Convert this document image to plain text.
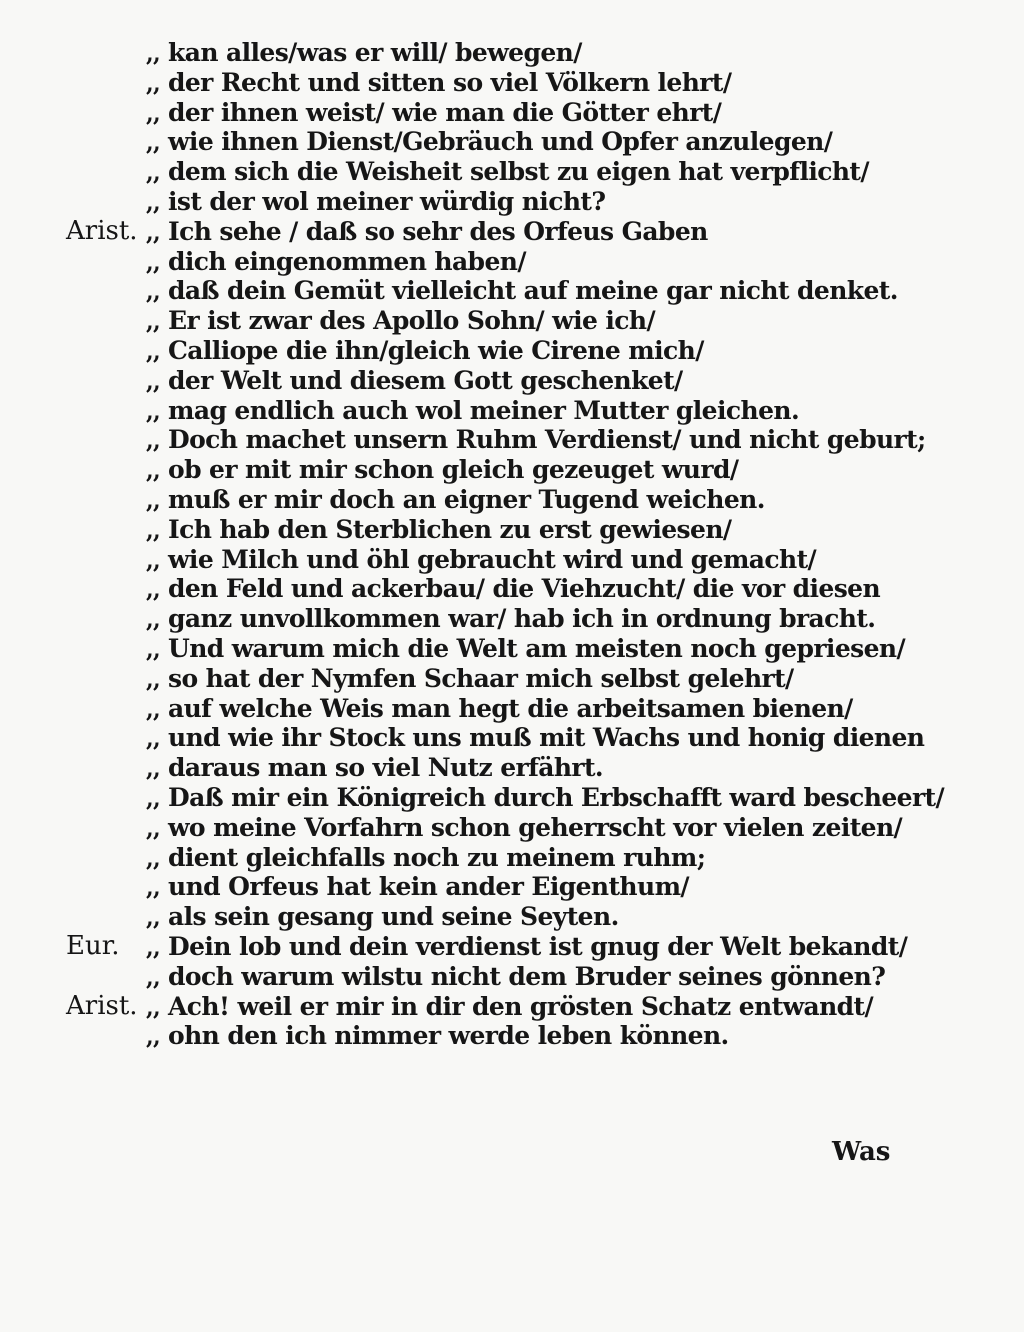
,, kan alles/was er will/ bewegen/
,, der Recht und sitten so viel Völkern lehrt/
,, der ihnen weist/ wie man die Götter ehrt/
,, wie ihnen Dienst/Gebräuch und Opfer anzulegen/
,, dem sich die Weisheit selbst zu eigen hat verpflicht/
,, ist der wol meiner würdig nicht?
Arist. ,, Ich sehe / daß so sehr des Orfeus Gaben
,, dich eingenommen haben/
,, daß dein Gemüt vielleicht auf meine gar nicht denket.
,, Er ist zwar des Apollo Sohn/ wie ich/
,, Calliope die ihn/gleich wie Cirene mich/
,, der Welt und diesem Gott geschenket/
,, mag endlich auch wol meiner Mutter gleichen.
,, Doch machet unsern Ruhm Verdienst/ und nicht geburt;
,, ob er mit mir schon gleich gezeuget wurd/
,, muß er mir doch an eigner Tugend weichen.
,, Ich hab den Sterblichen zu erst gewiesen/
,, wie Milch und öhl gebraucht wird und gemacht/
,, den Feld und ackerbau/ die Viehzucht/ die vor diesen
,, ganz unvollkommen war/ hab ich in ordnung bracht.
,, Und warum mich die Welt am meisten noch gepriesen/
,, so hat der Nymfen Schaar mich selbst gelehrt/
,, auf welche Weis man hegt die arbeitsamen bienen/
,, und wie ihr Stock uns muß mit Wachs und honig dienen
,, daraus man so viel Nutz erfährt.
,, Daß mir ein Königreich durch Erbschafft ward bescheert/
,, wo meine Vorfahrn schon geherrscht vor vielen zeiten/
,, dient gleichfalls noch zu meinem ruhm;
,, und Orfeus hat kein ander Eigenthum/
,, als sein gesang und seine Seyten.
Eur. ,, Dein lob und dein verdienst ist gnug der Welt bekandt/
,, doch warum wilstu nicht dem Bruder seines gönnen?
Arist. ,, Ach! weil er mir in dir den grösten Schatz entwandt/
,, ohn den ich nimmer werde leben können.
Was
